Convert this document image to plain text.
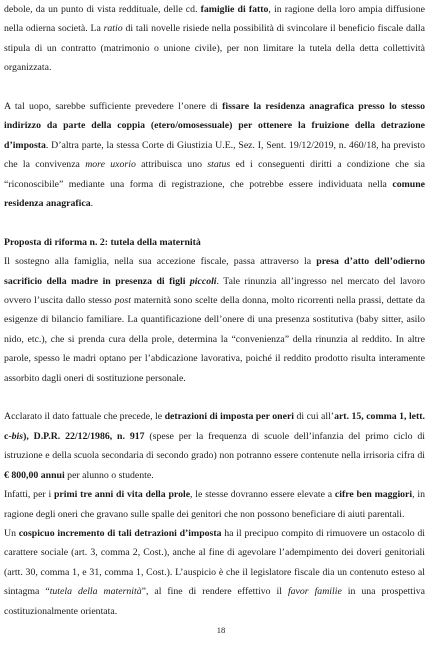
debole, da un punto di vista reddituale, delle cd. famiglie di fatto, in ragione della loro ampia diffusione nella odierna società. La ratio di tali novelle risiede nella possibilità di svincolare il beneficio fiscale dalla stipula di un contratto (matrimonio o unione civile), per non limitare la tutela della detta collettività organizzata.

A tal uopo, sarebbe sufficiente prevedere l’onere di fissare la residenza anagrafica presso lo stesso indirizzo da parte della coppia (etero/omosessuale) per ottenere la fruizione della detrazione d’imposta. D’altra parte, la stessa Corte di Giustizia U.E., Sez. I, Sent. 19/12/2019, n. 460/18, ha previsto che la convivenza more uxorio attribuisca uno status ed i conseguenti diritti a condizione che sia “riconoscibile” mediante una forma di registrazione, che potrebbe essere individuata nella comune residenza anagrafica.

Proposta di riforma n. 2: tutela della maternità

Il sostegno alla famiglia, nella sua accezione fiscale, passa attraverso la presa d’atto dell’odierno sacrificio della madre in presenza di figli piccoli. Tale rinunzia all’ingresso nel mercato del lavoro ovvero l’uscita dallo stesso post maternità sono scelte della donna, molto ricorrenti nella prassi, dettate da esigenze di bilancio familiare. La quantificazione dell’onere di una presenza sostitutiva (baby sitter, asilo nido, etc.), che si prenda cura della prole, determina la “convenienza” della rinunzia al reddito. In altre parole, spesso le madri optano per l’abdicazione lavorativa, poiché il reddito prodotto risulta interamente assorbito dagli oneri di sostituzione personale.

Acclarato il dato fattuale che precede, le detrazioni di imposta per oneri di cui all’art. 15, comma 1, lett. c-bis), D.P.R. 22/12/1986, n. 917 (spese per la frequenza di scuole dell’infanzia del primo ciclo di istruzione e della scuola secondaria di secondo grado) non potranno essere contenute nella irrisoria cifra di € 800,00 annui per alunno o studente.

Infatti, per i primi tre anni di vita della prole, le stesse dovranno essere elevate a cifre ben maggiori, in ragione degli oneri che gravano sulle spalle dei genitori che non possono beneficiare di aiuti parentali.

Un cospicuo incremento di tali detrazioni d’imposta ha il precipuo compito di rimuovere un ostacolo di carattere sociale (art. 3, comma 2, Cost.), anche al fine di agevolare l’adempimento dei doveri genitoriali (artt. 30, comma 1, e 31, comma 1, Cost.). L’auspicio è che il legislatore fiscale dia un contenuto esteso al sintagma “tutela della maternità”, al fine di rendere effettivo il favor familie in una prospettiva costituzionalmente orientata.

18
